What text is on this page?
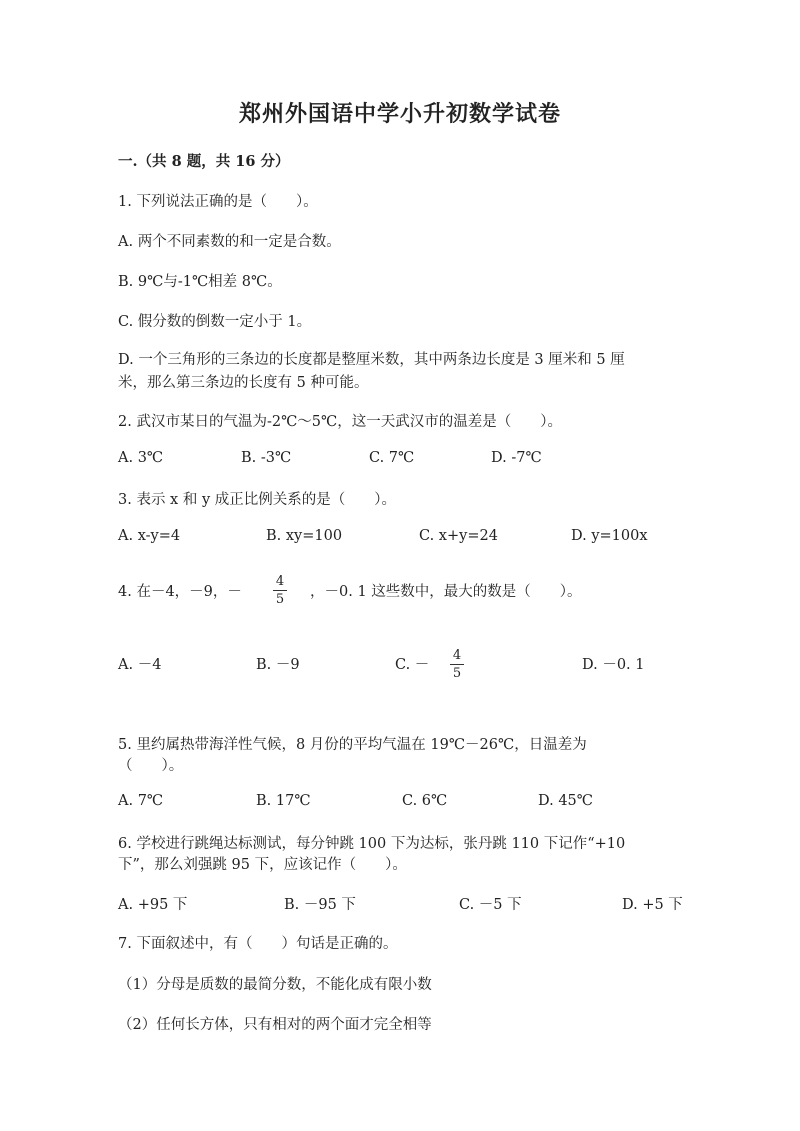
郑州外国语中学小升初数学试卷
一.（共 8 题，共 16 分）
1. 下列说法正确的是（　　）。
A. 两个不同素数的和一定是合数。
B. 9℃与-1℃相差 8℃。
C. 假分数的倒数一定小于 1。
D. 一个三角形的三条边的长度都是整厘米数，其中两条边长度是 3 厘米和 5 厘
米，那么第三条边的长度有 5 种可能。
2. 武汉市某日的气温为-2℃～5℃，这一天武汉市的温差是（　　）。
A. 3℃	B. -3℃	C. 7℃	D. -7℃
3. 表示 x 和 y 成正比例关系的是（　　）。
A. x-y=4	B. xy=100	C. x+y=24	D. y=100x
4. 在－4，－9，－
4
5 ，－0. 1 这些数中，最大的数是（　　）。
A. －4	B. －9	C. －
4
5
D. －0. 1
5. 里约属热带海洋性气候，8 月份的平均气温在 19℃－26℃，日温差为
（　　）。
A. 7℃	B. 17℃	C. 6℃	D. 45℃
6. 学校进行跳绳达标测试，每分钟跳 100 下为达标，张丹跳 110 下记作“+10
下”，那么刘强跳 95 下，应该记作（　　）。
A. +95 下	B. －95 下	C. －5 下	D. +5 下
7. 下面叙述中，有（　　）句话是正确的。
（1）分母是质数的最简分数，不能化成有限小数
（2）任何长方体，只有相对的两个面才完全相等
